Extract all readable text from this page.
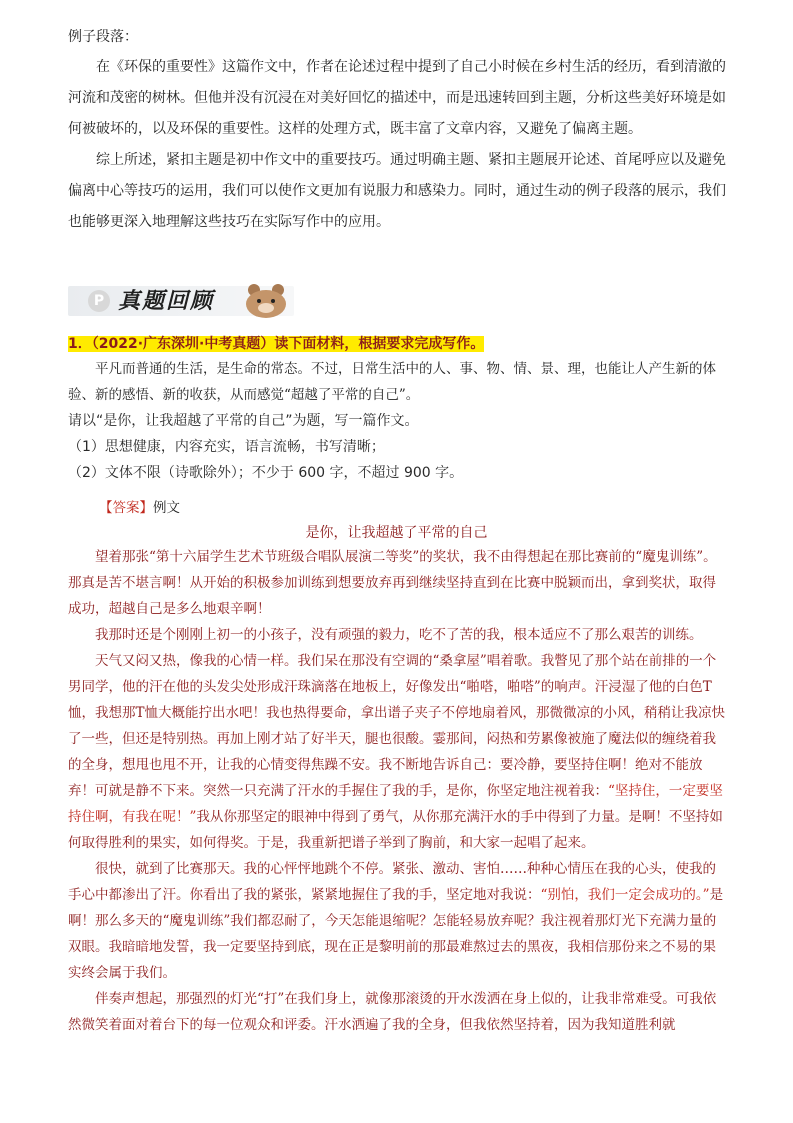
例子段落：

在《环保的重要性》这篇作文中，作者在论述过程中提到了自己小时候在乡村生活的经历，看到清澈的河流和茂密的树林。但他并没有沉浸在对美好回忆的描述中，而是迅速转回到主题，分析这些美好环境是如何被破坏的，以及环保的重要性。这样的处理方式，既丰富了文章内容，又避免了偏离主题。

综上所述，紧扣主题是初中作文中的重要技巧。通过明确主题、紧扣主题展开论述、首尾呼应以及避免偏离中心等技巧的运用，我们可以使作文更加有说服力和感染力。同时，通过生动的例子段落的展示，我们也能够更深入地理解这些技巧在实际写作中的应用。

P 真题回顾
1．（2022·广东深圳·中考真题）读下面材料，根据要求完成写作。

平凡而普通的生活，是生命的常态。不过，日常生活中的人、事、物、情、景、理，也能让人产生新的体验、新的感悟、新的收获，从而感觉“超越了平常的自己”。

请以“是你，让我超越了平常的自己”为题，写一篇作文。

（1）思想健康，内容充实，语言流畅，书写清晰；

（2）文体不限（诗歌除外）；不少于 600 字，不超过 900 字。

【答案】例文
是你，让我超越了平常的自己

望着那张“第十六届学生艺术节班级合唱队展演二等奖”的奖状，我不由得想起在那比赛前的“魔鬼训练”。那真是苦不堪言啊！从开始的积极参加训练到想要放弃再到继续坚持直到在比赛中脱颖而出，拿到奖状，取得成功，超越自己是多么地艰辛啊！

我那时还是个刚刚上初一的小孩子，没有顽强的毅力，吃不了苦的我，根本适应不了那么艰苦的训练。

天气又闷又热，像我的心情一样。我们呆在那没有空调的“桑拿屋”唱着歌。我瞥见了那个站在前排的一个男同学，他的汗在他的头发尖处形成汗珠滴落在地板上，好像发出“啪嗒，啪嗒”的响声。汗浸湿了他的白色T恤，我想那T恤大概能拧出水吧！我也热得要命，拿出谱子夹子不停地扇着风，那微微凉的小风，稍稍让我凉快了一些，但还是特别热。再加上刚才站了好半天，腿也很酸。霎那间，闷热和劳累像被施了魔法似的缠绕着我的全身，想甩也甩不开，让我的心情变得焦躁不安。我不断地告诉自己：要冷静，要坚持住啊！绝对不能放弃！可就是静不下来。突然一只充满了汗水的手握住了我的手，是你，你坚定地注视着我：“坚持住，一定要坚持住啊，有我在呢！”我从你那坚定的眼神中得到了勇气，从你那充满汗水的手中得到了力量。是啊！不坚持如何取得胜利的果实，如何得奖。于是，我重新把谱子举到了胸前，和大家一起唱了起来。

很快，就到了比赛那天。我的心怦怦地跳个不停。紧张、激动、害怕……种种心情压在我的心头，使我的手心中都渗出了汗。你看出了我的紧张，紧紧地握住了我的手，坚定地对我说：“别怕，我们一定会成功的。”是啊！那么多天的“魔鬼训练”我们都忍耐了，今天怎能退缩呢？怎能轻易放弃呢？我注视着那灯光下充满力量的双眼。我暗暗地发誓，我一定要坚持到底，现在正是黎明前的那最难熬过去的黑夜，我相信那份来之不易的果实终会属于我们。

伴奏声想起，那强烈的灯光“打”在我们身上，就像那滚烫的开水泼洒在身上似的，让我非常难受。可我依然微笑着面对着台下的每一位观众和评委。汗水洒遍了我的全身，但我依然坚持着，因为我知道胜利就
